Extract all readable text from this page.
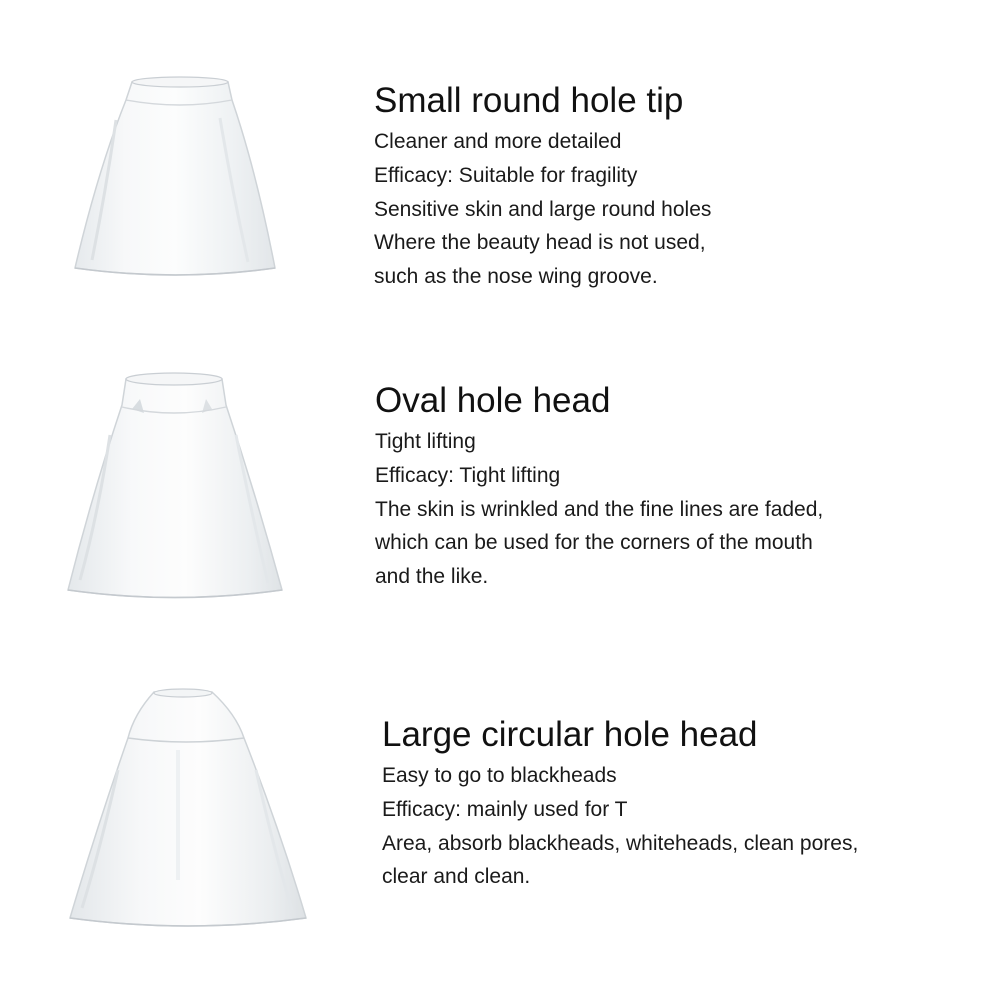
Small round hole tip
Cleaner and more detailed
Efficacy: Suitable for fragility
Sensitive skin and large round holes
Where the beauty head is not used,
such as the nose wing groove.
Oval hole head
Tight lifting
Efficacy: Tight lifting
The skin is wrinkled and the fine lines are faded,
which can be used for the corners of the mouth
and the like.
Large circular hole head
Easy to go to blackheads
Efficacy: mainly used for T
Area, absorb blackheads, whiteheads, clean pores,
clear and clean.
